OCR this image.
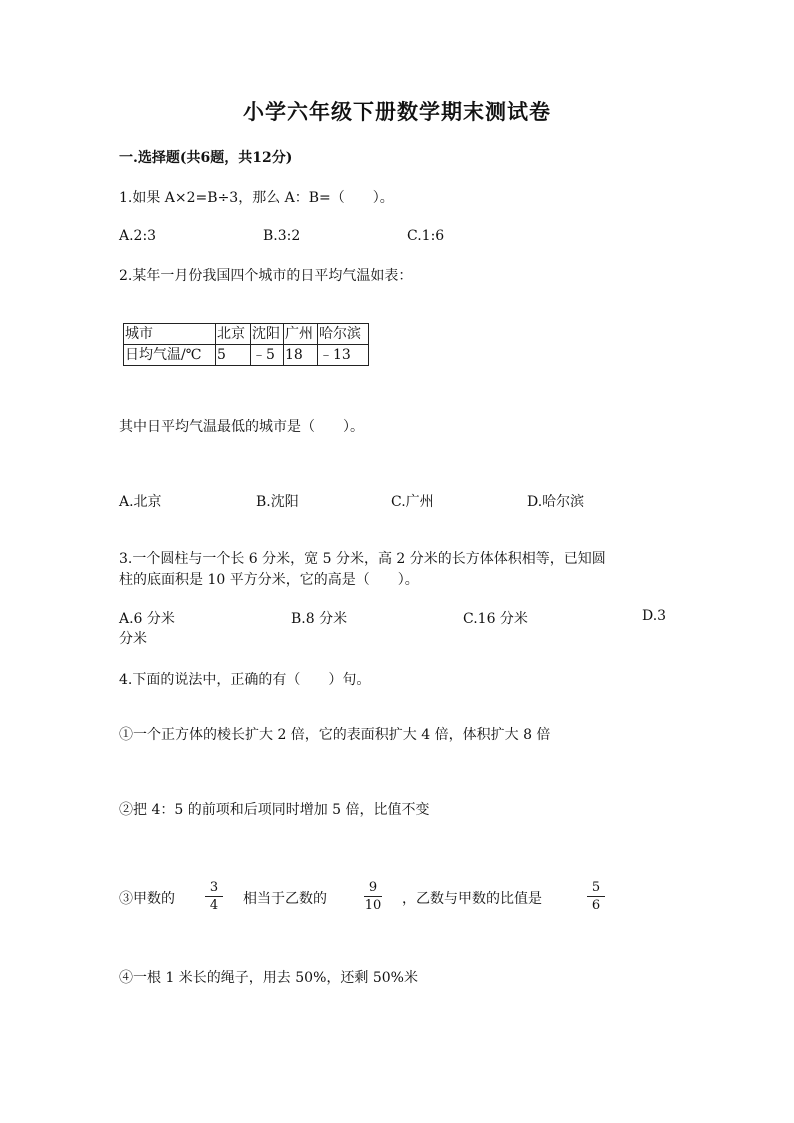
小学六年级下册数学期末测试卷
一.选择题(共6题，共12分)
1.如果 A×2=B÷3，那么 A：B=（　　）。
A.2:3	B.3:2	C.1:6
2.某年一月份我国四个城市的日平均气温如表：
城市	北京	沈阳	广州	哈尔滨
日均气温/℃	5	﹣5	18	﹣13
其中日平均气温最低的城市是（　　）。
A.北京	B.沈阳	C.广州	D.哈尔滨
3.一个圆柱与一个长 6 分米，宽 5 分米，高 2 分米的长方体体积相等，已知圆
柱的底面积是 10 平方分米，它的高是（　　）。
A.6 分米	B.8 分米	C.16 分米	D.3
分米
4.下面的说法中，正确的有（　　）句。
①一个正方体的棱长扩大 2 倍，它的表面积扩大 4 倍，体积扩大 8 倍
②把 4：5 的前项和后项同时增加 5 倍，比值不变
③甲数的
3
4	相当于乙数的
9
10 ，乙数与甲数的比值是
5
6
④一根 1 米长的绳子，用去 50%，还剩 50%米
